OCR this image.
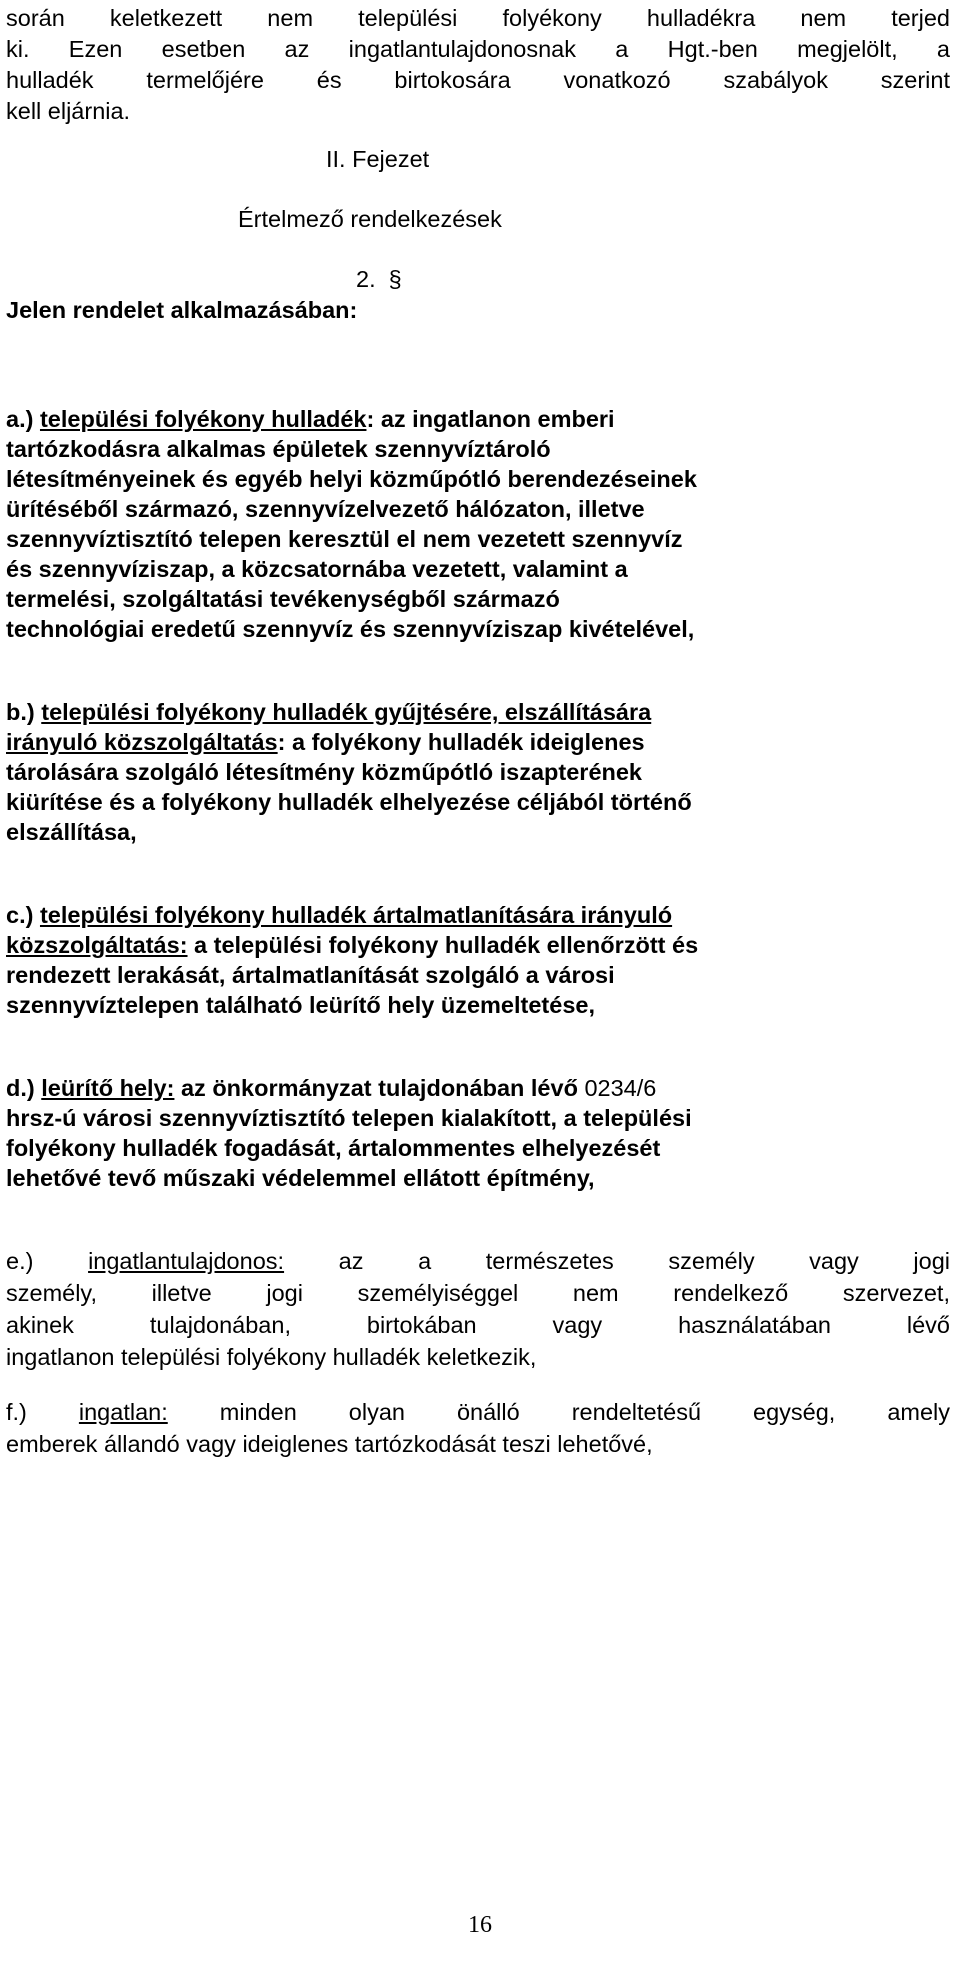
során keletkezett nem települési folyékony hulladékra nem terjed
ki. Ezen esetben az ingatlantulajdonosnak a Hgt.-ben megjelölt, a
hulladék termelőjére és birtokosára vonatkozó szabályok szerint
kell eljárnia.
II. Fejezet
Értelmező rendelkezések
2. §
Jelen rendelet alkalmazásában:
a.) települési folyékony hulladék: az ingatlanon emberi
tartózkodásra alkalmas épületek szennyvíztároló
létesítményeinek és egyéb helyi közműpótló berendezéseinek
ürítéséből származó, szennyvízelvezető hálózaton, illetve
szennyvíztisztító telepen keresztül el nem vezetett szennyvíz
és szennyvíziszap, a közcsatornába vezetett, valamint a
termelési, szolgáltatási tevékenységből származó
technológiai eredetű szennyvíz és szennyvíziszap kivételével,
b.) települési folyékony hulladék gyűjtésére, elszállítására
irányuló közszolgáltatás: a folyékony hulladék ideiglenes
tárolására szolgáló létesítmény közműpótló iszapterének
kiürítése és a folyékony hulladék elhelyezése céljából történő
elszállítása,
c.) települési folyékony hulladék ártalmatlanítására irányuló
közszolgáltatás: a települési folyékony hulladék ellenőrzött és
rendezett lerakását, ártalmatlanítását szolgáló a városi
szennyvíztelepen található leürítő hely üzemeltetése,
d.) leürítő hely: az önkormányzat tulajdonában lévő 0234/6
hrsz-ú városi szennyvíztisztító telepen kialakított, a települési
folyékony hulladék fogadását, ártalommentes elhelyezését
lehetővé tevő műszaki védelemmel ellátott építmény,
e.) ingatlantulajdonos: az a természetes személy vagy jogi
személy, illetve jogi személyiséggel nem rendelkező szervezet,
akinek tulajdonában, birtokában vagy használatában lévő
ingatlanon települési folyékony hulladék keletkezik,
f.) ingatlan: minden olyan önálló rendeltetésű egység, amely
emberek állandó vagy ideiglenes tartózkodását teszi lehetővé,
16
